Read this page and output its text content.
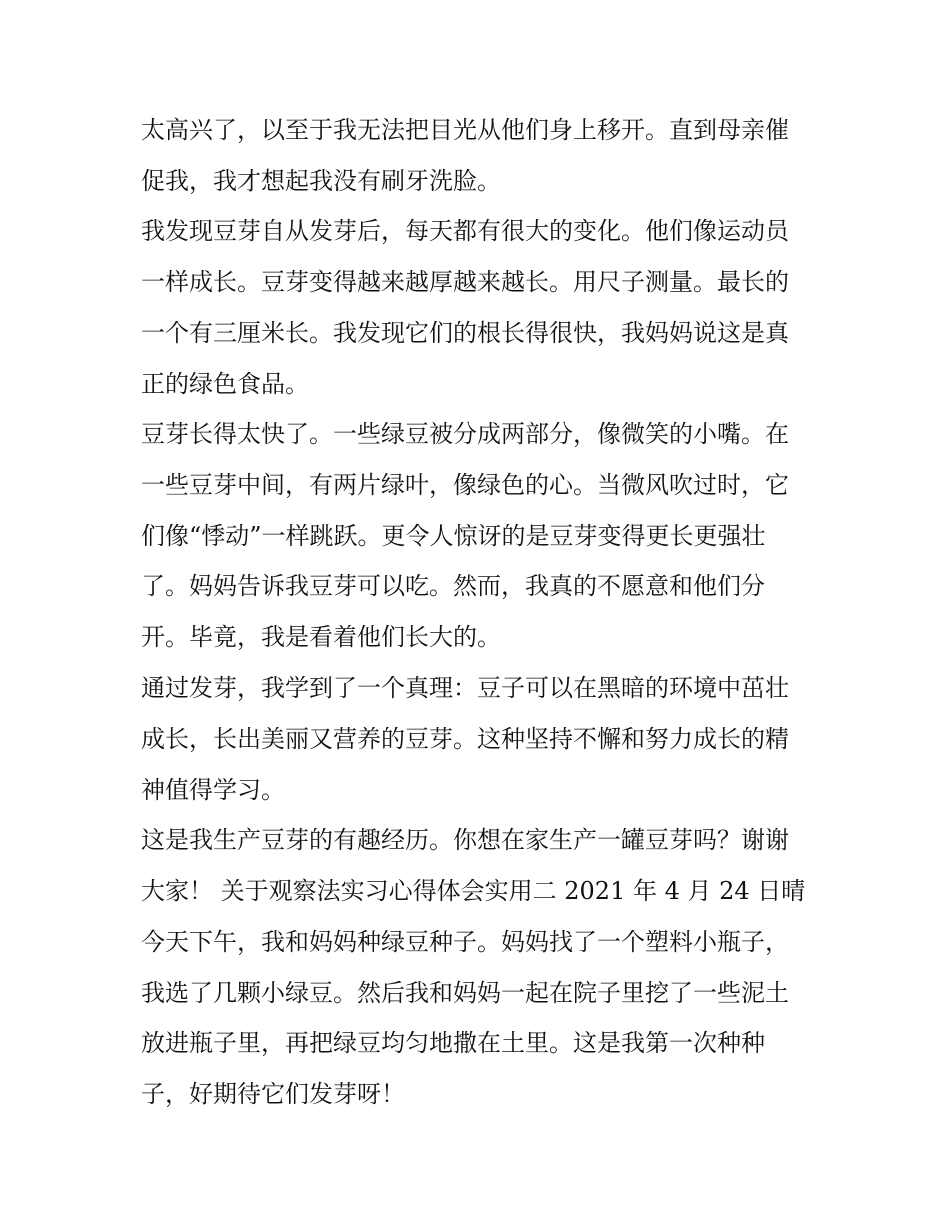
太高兴了，以至于我无法把目光从他们身上移开。直到母亲催
促我，我才想起我没有刷牙洗脸。
我发现豆芽自从发芽后，每天都有很大的变化。他们像运动员
一样成长。豆芽变得越来越厚越来越长。用尺子测量。最长的
一个有三厘米长。我发现它们的根长得很快，我妈妈说这是真
正的绿色食品。
豆芽长得太快了。一些绿豆被分成两部分，像微笑的小嘴。在
一些豆芽中间，有两片绿叶，像绿色的心。当微风吹过时，它
们像“悸动”一样跳跃。更令人惊讶的是豆芽变得更长更强壮
了。妈妈告诉我豆芽可以吃。然而，我真的不愿意和他们分
开。毕竟，我是看着他们长大的。
通过发芽，我学到了一个真理：豆子可以在黑暗的环境中茁壮
成长，长出美丽又营养的豆芽。这种坚持不懈和努力成长的精
神值得学习。
这是我生产豆芽的有趣经历。你想在家生产一罐豆芽吗？谢谢
大家！ 关于观察法实习心得体会实用二 2021 年 4 月 24 日晴
今天下午，我和妈妈种绿豆种子。妈妈找了一个塑料小瓶子，
我选了几颗小绿豆。然后我和妈妈一起在院子里挖了一些泥土
放进瓶子里，再把绿豆均匀地撒在土里。这是我第一次种种
子，好期待它们发芽呀！
